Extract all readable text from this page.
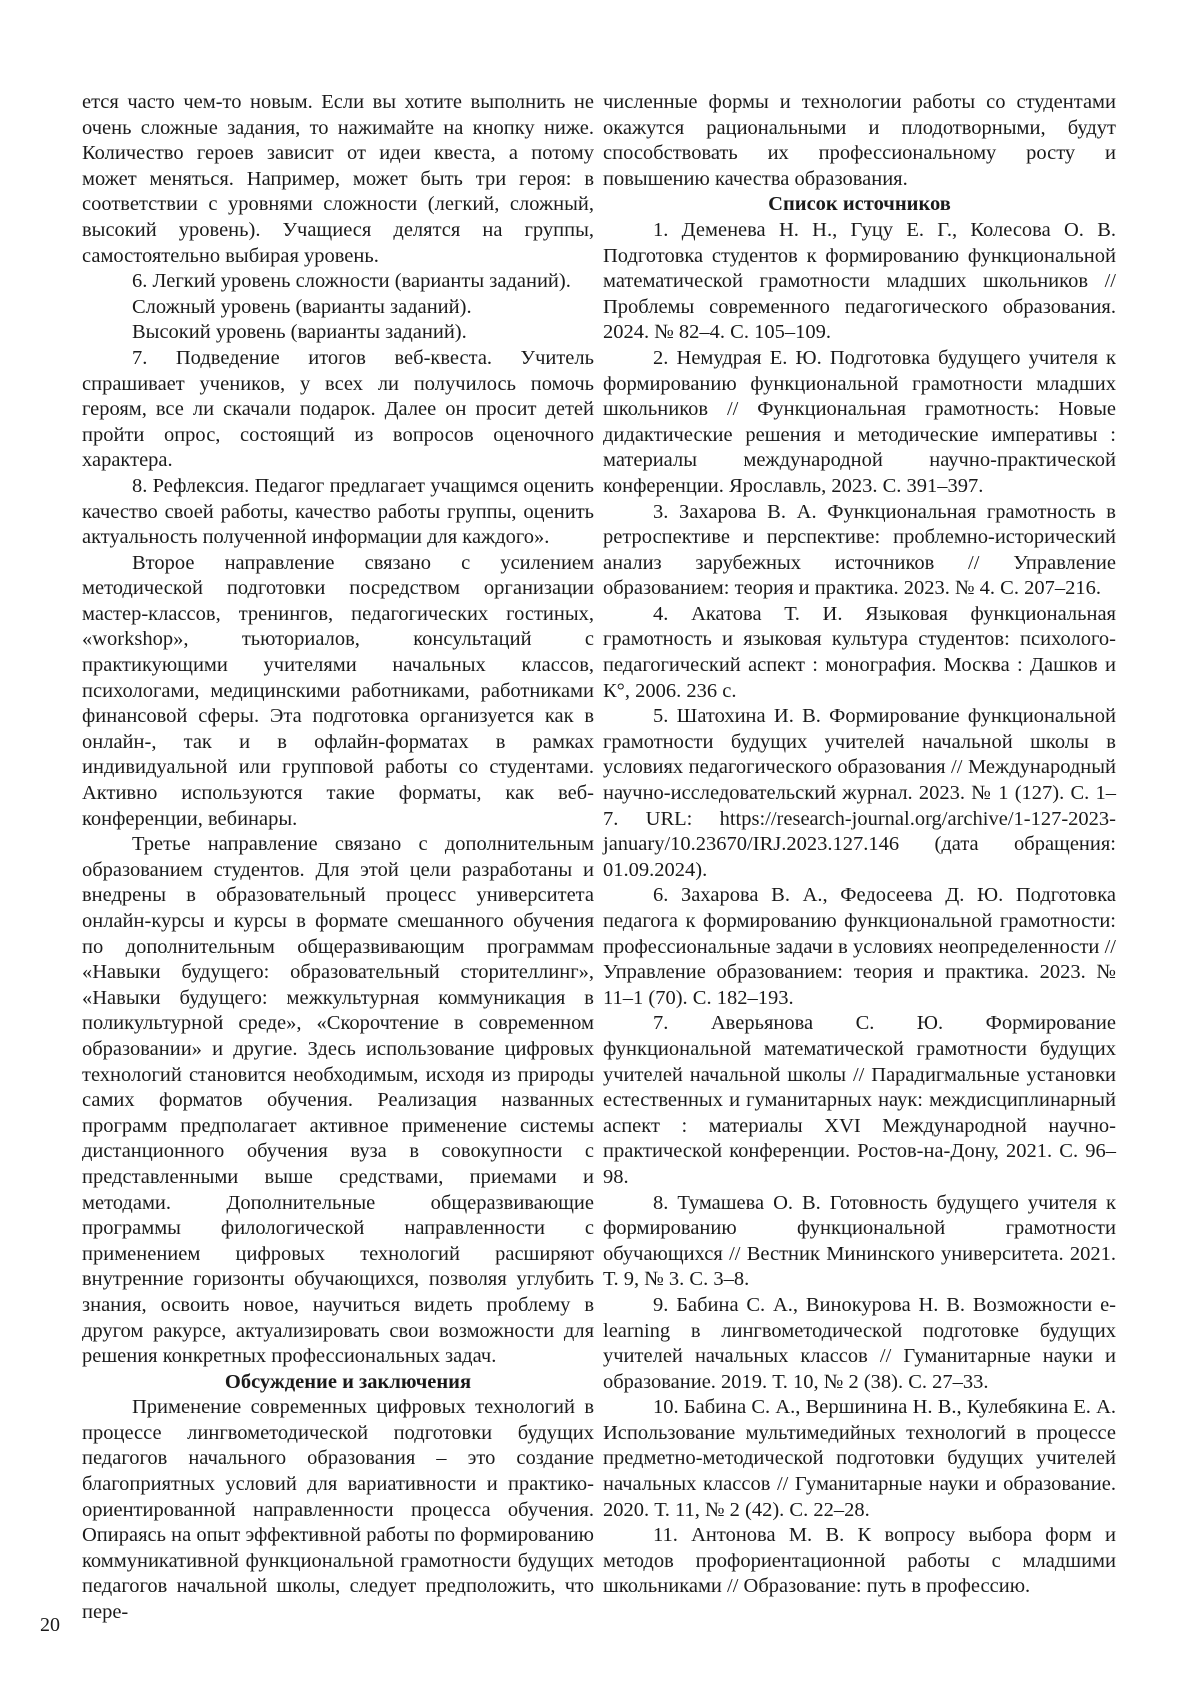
ется часто чем-то новым. Если вы хотите выполнить не очень сложные задания, то нажимайте на кнопку ниже. Количество героев зависит от идеи квеста, а потому может меняться. Например, может быть три героя: в соответствии с уровнями сложности (легкий, сложный, высокий уровень). Учащиеся делятся на группы, самостоятельно выбирая уровень.

6. Легкий уровень сложности (варианты заданий).

Сложный уровень (варианты заданий).

Высокий уровень (варианты заданий).

7. Подведение итогов веб-квеста. Учитель спрашивает учеников, у всех ли получилось помочь героям, все ли скачали подарок. Далее он просит детей пройти опрос, состоящий из вопросов оценочного характера.

8. Рефлексия. Педагог предлагает учащимся оценить качество своей работы, качество работы группы, оценить актуальность полученной информации для каждого».

Второе направление связано с усилением методической подготовки посредством организации мастер-классов, тренингов, педагогических гостиных, «workshop», тьюториалов, консультаций с практикующими учителями начальных классов, психологами, медицинскими работниками, работниками финансовой сферы. Эта подготовка организуется как в онлайн-, так и в офлайн-форматах в рамках индивидуальной или групповой работы со студентами. Активно используются такие форматы, как веб-конференции, вебинары.

Третье направление связано с дополнительным образованием студентов. Для этой цели разработаны и внедрены в образовательный процесс университета онлайн-курсы и курсы в формате смешанного обучения по дополнительным общеразвивающим программам «Навыки будущего: образовательный сторителлинг», «Навыки будущего: межкультурная коммуникация в поликультурной среде», «Скорочтение в современном образовании» и другие. Здесь использование цифровых технологий становится необходимым, исходя из природы самих форматов обучения. Реализация названных программ предполагает активное применение системы дистанционного обучения вуза в совокупности с представленными выше средствами, приемами и методами. Дополнительные общеразвивающие программы филологической направленности с применением цифровых технологий расширяют внутренние горизонты обучающихся, позволяя углубить знания, освоить новое, научиться видеть проблему в другом ракурсе, актуализировать свои возможности для решения конкретных профессиональных задач.

Обсуждение и заключения

Применение современных цифровых технологий в процессе лингвометодической подготовки будущих педагогов начального образования – это создание благоприятных условий для вариативности и практико-ориентированной направленности процесса обучения. Опираясь на опыт эффективной работы по формированию коммуникативной функциональной грамотности будущих педагогов начальной школы, следует предположить, что пере-

численные формы и технологии работы со студентами окажутся рациональными и плодотворными, будут способствовать их профессиональному росту и повышению качества образования.

Список источников

1. Деменева Н. Н., Гуцу Е. Г., Колесова О. В. Подготовка студентов к формированию функциональной математической грамотности младших школьников // Проблемы современного педагогического образования. 2024. № 82–4. С. 105–109.

2. Немудрая Е. Ю. Подготовка будущего учителя к формированию функциональной грамотности младших школьников // Функциональная грамотность: Новые дидактические решения и методические императивы : материалы международной научно-практической конференции. Ярославль, 2023. С. 391–397.

3. Захарова В. А. Функциональная грамотность в ретроспективе и перспективе: проблемно-исторический анализ зарубежных источников // Управление образованием: теория и практика. 2023. № 4. С. 207–216.

4. Акатова Т. И. Языковая функциональная грамотность и языковая культура студентов: психолого-педагогический аспект : монография. Москва : Дашков и К°, 2006. 236 с.

5. Шатохина И. В. Формирование функциональной грамотности будущих учителей начальной школы в условиях педагогического образования // Международный научно-исследовательский журнал. 2023. № 1 (127). С. 1–7. URL: https://research-journal.org/archive/1-127-2023-january/10.23670/IRJ.2023.127.146 (дата обращения: 01.09.2024).

6. Захарова В. А., Федосеева Д. Ю. Подготовка педагога к формированию функциональной грамотности: профессиональные задачи в условиях неопределенности // Управление образованием: теория и практика. 2023. № 11–1 (70). С. 182–193.

7. Аверьянова С. Ю. Формирование функциональной математической грамотности будущих учителей начальной школы // Парадигмальные установки естественных и гуманитарных наук: междисциплинарный аспект : материалы XVI Международной научно-практической конференции. Ростов-на-Дону, 2021. С. 96–98.

8. Тумашева О. В. Готовность будущего учителя к формированию функциональной грамотности обучающихся // Вестник Мининского университета. 2021. Т. 9, № 3. С. 3–8.

9. Бабина С. А., Винокурова Н. В. Возможности e-learning в лингвометодической подготовке будущих учителей начальных классов // Гуманитарные науки и образование. 2019. Т. 10, № 2 (38). С. 27–33.

10. Бабина С. А., Вершинина Н. В., Кулебякина Е. А. Использование мультимедийных технологий в процессе предметно-методической подготовки будущих учителей начальных классов // Гуманитарные науки и образование. 2020. Т. 11, № 2 (42). С. 22–28.

11. Антонова М. В. К вопросу выбора форм и методов профориентационной работы с младшими школьниками // Образование: путь в профессию.

20
